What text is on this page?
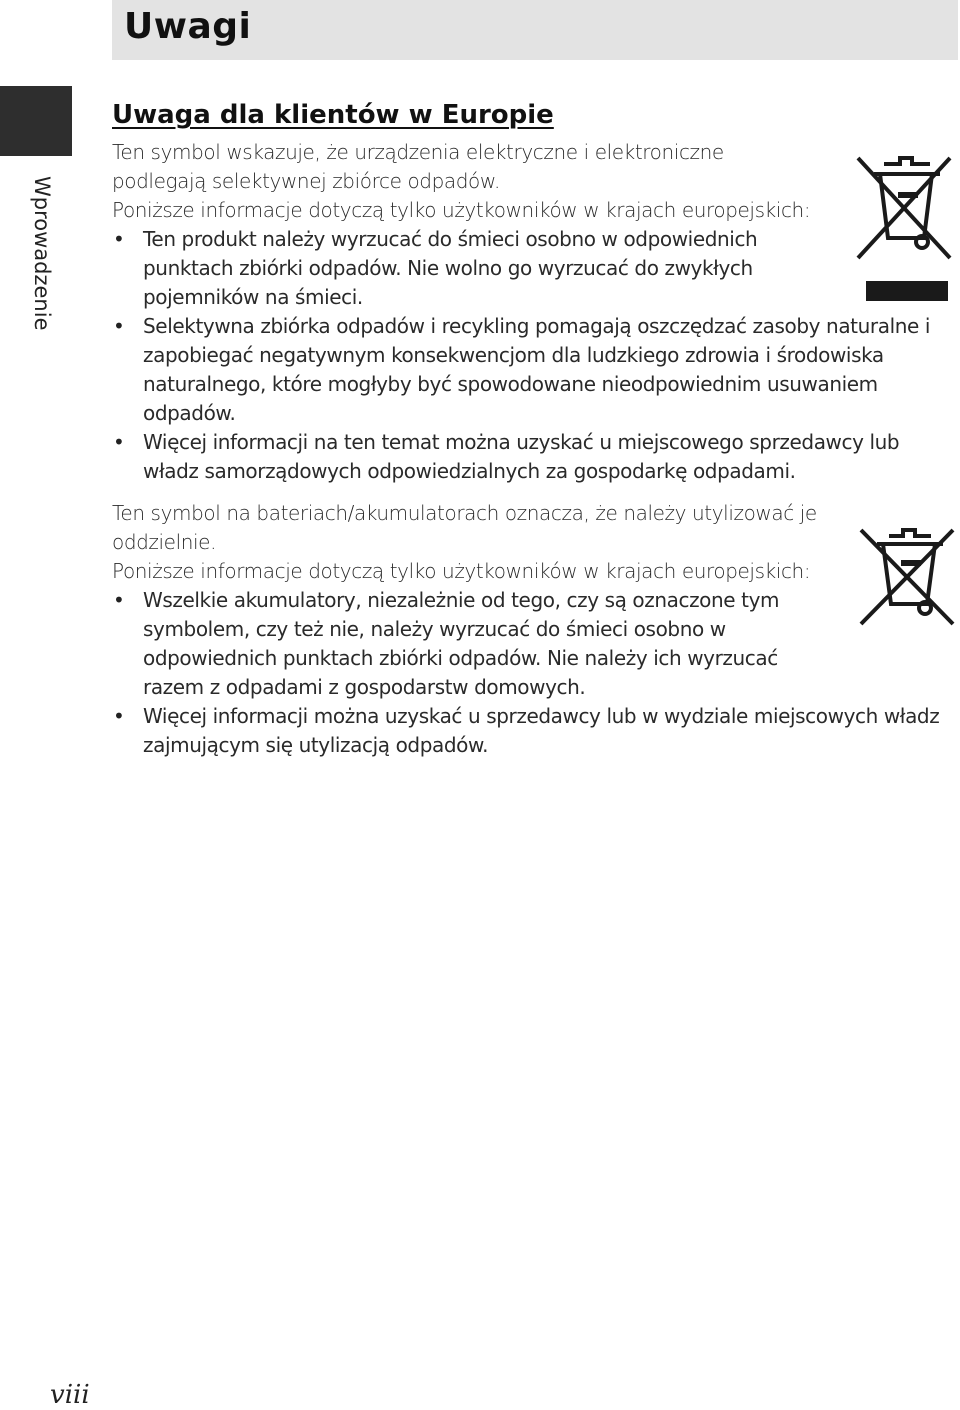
Uwagi
Wprowadzenie
Uwaga dla klientów w Europie

Ten symbol wskazuje, że urządzenia elektryczne i elektroniczne

podlegają selektywnej zbiórce odpadów.

Poniższe informacje dotyczą tylko użytkowników w krajach europejskich:

• Ten produkt należy wyrzucać do śmieci osobno w odpowiednich punktach zbiórki odpadów. Nie wolno go wyrzucać do zwykłych pojemników na śmieci.
• Selektywna zbiórka odpadów i recykling pomagają oszczędzać zasoby naturalne i zapobiegać negatywnym konsekwencjom dla ludzkiego zdrowia i środowiska naturalnego, które mogłyby być spowodowane nieodpowiednim usuwaniem odpadów.
• Więcej informacji na ten temat można uzyskać u miejscowego sprzedawcy lub władz samorządowych odpowiedzialnych za gospodarkę odpadami.

Ten symbol na bateriach/akumulatorach oznacza, że należy utylizować je oddzielnie.

Poniższe informacje dotyczą tylko użytkowników w krajach europejskich:

• Wszelkie akumulatory, niezależnie od tego, czy są oznaczone tym symbolem, czy też nie, należy wyrzucać do śmieci osobno w odpowiednich punktach zbiórki odpadów. Nie należy ich wyrzucać razem z odpadami z gospodarstw domowych.
• Więcej informacji można uzyskać u sprzedawcy lub w wydziale miejscowych władz zajmującym się utylizacją odpadów.
viii
